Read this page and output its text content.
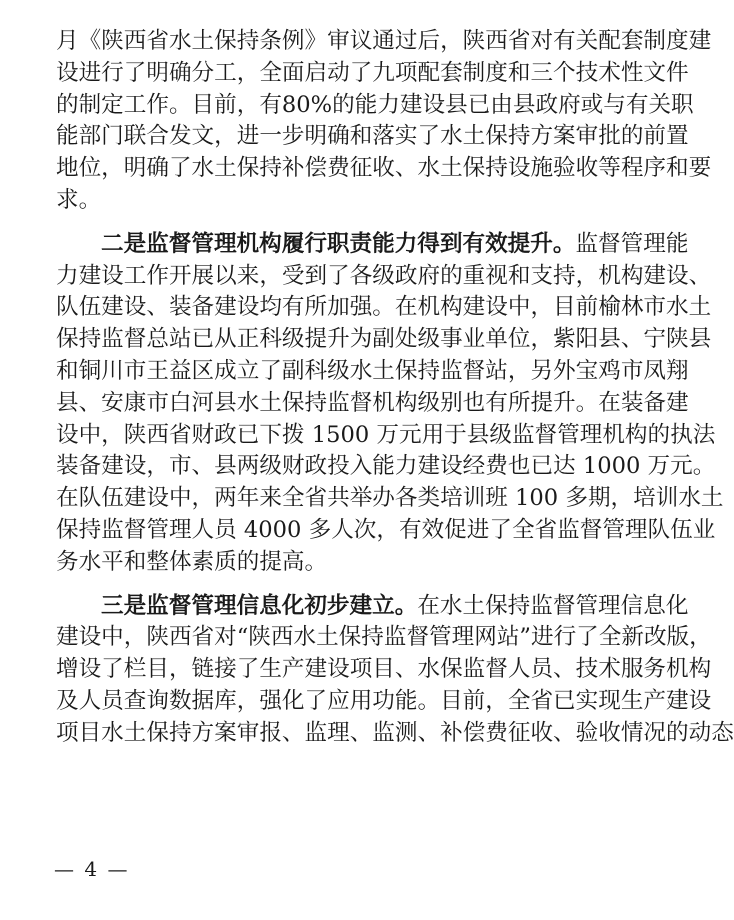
月《陕西省水土保持条例》审议通过后，陕西省对有关配套制度建
设进行了明确分工，全面启动了九项配套制度和三个技术性文件
的制定工作。目前，有80%的能力建设县已由县政府或与有关职
能部门联合发文，进一步明确和落实了水土保持方案审批的前置
地位，明确了水土保持补偿费征收、水土保持设施验收等程序和要
求。
二是监督管理机构履行职责能力得到有效提升。监督管理能
力建设工作开展以来，受到了各级政府的重视和支持，机构建设、
队伍建设、装备建设均有所加强。在机构建设中，目前榆林市水土
保持监督总站已从正科级提升为副处级事业单位，紫阳县、宁陕县
和铜川市王益区成立了副科级水土保持监督站，另外宝鸡市凤翔
县、安康市白河县水土保持监督机构级别也有所提升。在装备建
设中，陕西省财政已下拨 1500 万元用于县级监督管理机构的执法
装备建设，市、县两级财政投入能力建设经费也已达 1000 万元。
在队伍建设中，两年来全省共举办各类培训班 100 多期，培训水土
保持监督管理人员 4000 多人次，有效促进了全省监督管理队伍业
务水平和整体素质的提高。
三是监督管理信息化初步建立。在水土保持监督管理信息化
建设中，陕西省对“陕西水土保持监督管理网站”进行了全新改版，
增设了栏目，链接了生产建设项目、水保监督人员、技术服务机构
及人员查询数据库，强化了应用功能。目前，全省已实现生产建设
项目水土保持方案审报、监理、监测、补偿费征收、验收情况的动态
— 4 —
